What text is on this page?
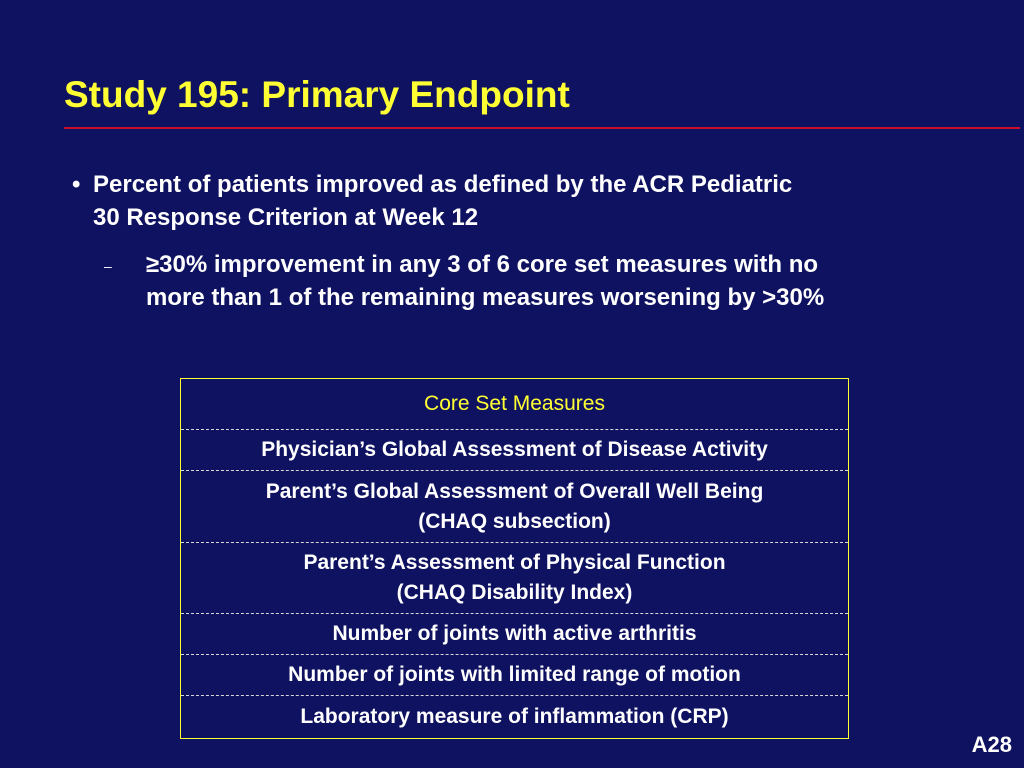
Study 195: Primary Endpoint
• Percent of patients improved as defined by the ACR Pediatric
30 Response Criterion at Week 12
–	≥30% improvement in any 3 of 6 core set measures with no
more than 1 of the remaining measures worsening by >30%
Core Set Measures
Physician’s Global Assessment of Disease Activity
Parent’s Global Assessment of Overall Well Being
(CHAQ subsection)
Parent’s Assessment of Physical Function
(CHAQ Disability Index)
Number of joints with active arthritis
Number of joints with limited range of motion
Laboratory measure of inflammation (CRP)
A28
